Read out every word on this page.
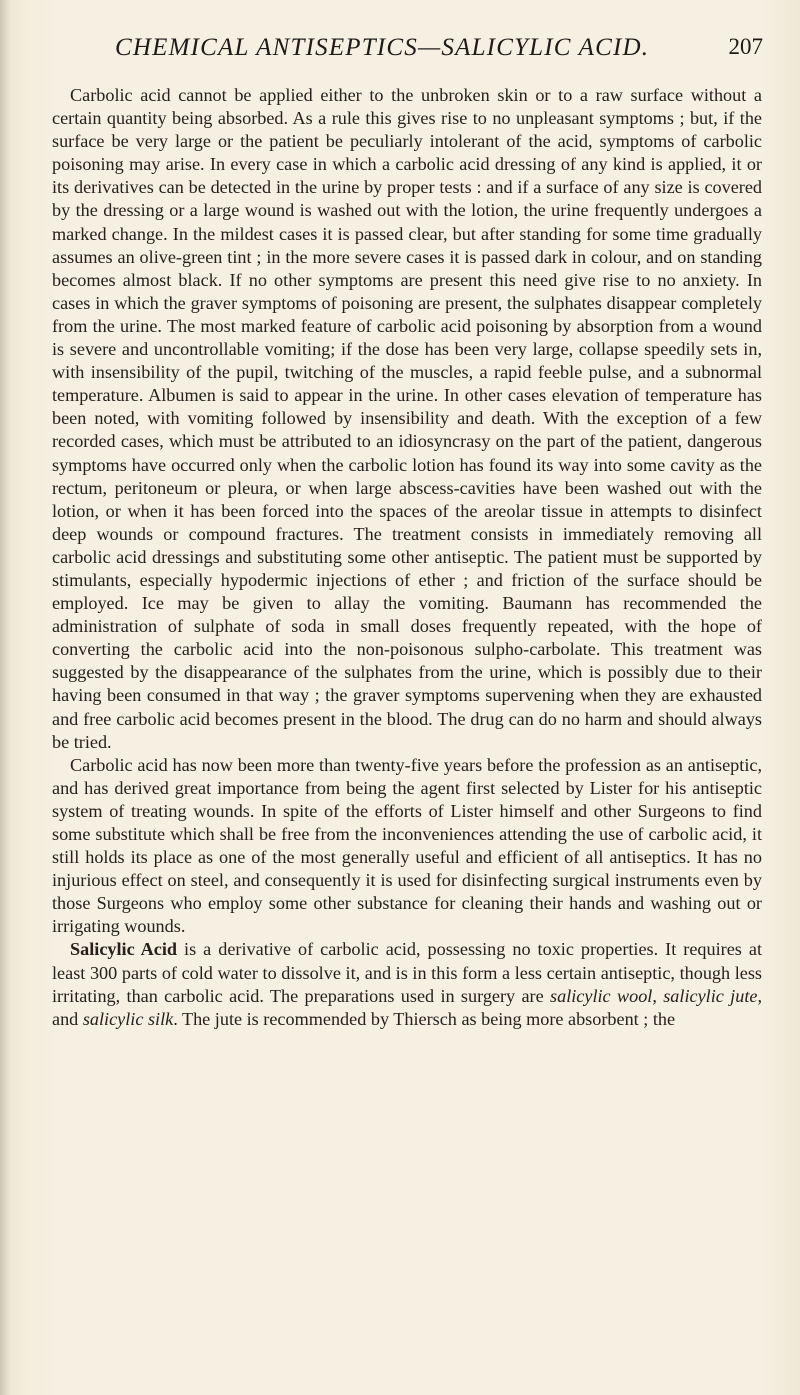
CHEMICAL ANTISEPTICS—SALICYLIC ACID.	207

Carbolic acid cannot be applied either to the unbroken skin or to a raw surface without a certain quantity being absorbed. As a rule this gives rise to no unpleasant symptoms ; but, if the surface be very large or the patient be peculiarly intolerant of the acid, symptoms of carbolic poisoning may arise. In every case in which a carbolic acid dressing of any kind is applied, it or its derivatives can be detected in the urine by proper tests : and if a surface of any size is covered by the dressing or a large wound is washed out with the lotion, the urine frequently undergoes a marked change. In the mildest cases it is passed clear, but after standing for some time gradually assumes an olive-green tint ; in the more severe cases it is passed dark in colour, and on standing becomes almost black. If no other symptoms are present this need give rise to no anxiety. In cases in which the graver symptoms of poisoning are present, the sulphates disappear completely from the urine. The most marked feature of carbolic acid poisoning by absorption from a wound is severe and uncontrollable vomiting; if the dose has been very large, collapse speedily sets in, with insensibility of the pupil, twitching of the muscles, a rapid feeble pulse, and a subnormal temperature. Albumen is said to appear in the urine. In other cases elevation of temperature has been noted, with vomiting followed by insensibility and death. With the exception of a few recorded cases, which must be attributed to an idiosyncrasy on the part of the patient, dangerous symptoms have occurred only when the carbolic lotion has found its way into some cavity as the rectum, peritoneum or pleura, or when large abscess-cavities have been washed out with the lotion, or when it has been forced into the spaces of the areolar tissue in attempts to disinfect deep wounds or compound fractures. The treatment consists in immediately removing all carbolic acid dressings and substituting some other antiseptic. The patient must be supported by stimulants, especially hypodermic injections of ether ; and friction of the surface should be employed. Ice may be given to allay the vomiting. Baumann has recommended the administration of sulphate of soda in small doses frequently repeated, with the hope of converting the carbolic acid into the non-poisonous sulpho-carbolate. This treatment was suggested by the disappearance of the sulphates from the urine, which is possibly due to their having been consumed in that way ; the graver symptoms supervening when they are exhausted and free carbolic acid becomes present in the blood. The drug can do no harm and should always be tried.

Carbolic acid has now been more than twenty-five years before the profession as an antiseptic, and has derived great importance from being the agent first selected by Lister for his antiseptic system of treating wounds. In spite of the efforts of Lister himself and other Surgeons to find some substitute which shall be free from the inconveniences attending the use of carbolic acid, it still holds its place as one of the most generally useful and efficient of all antiseptics. It has no injurious effect on steel, and consequently it is used for disinfecting surgical instruments even by those Surgeons who employ some other substance for cleaning their hands and washing out or irrigating wounds.

Salicylic Acid is a derivative of carbolic acid, possessing no toxic properties. It requires at least 300 parts of cold water to dissolve it, and is in this form a less certain antiseptic, though less irritating, than carbolic acid. The preparations used in surgery are salicylic wool, salicylic jute, and salicylic silk. The jute is recommended by Thiersch as being more absorbent ; the
